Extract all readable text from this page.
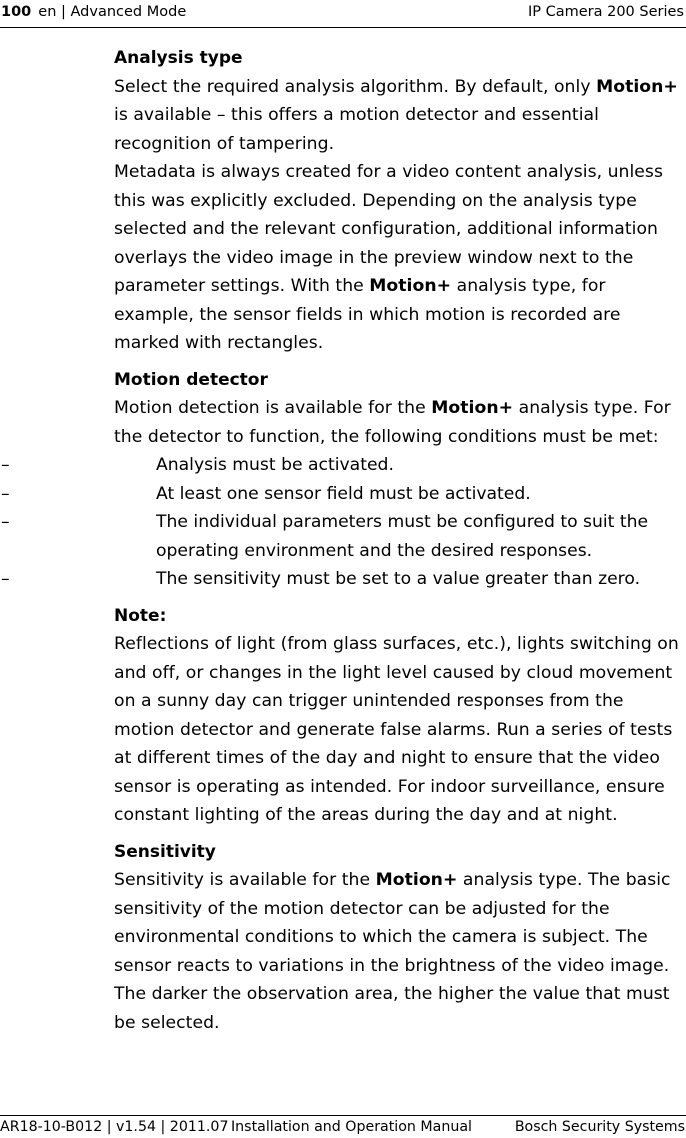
100 en | Advanced Mode	IP Camera 200 Series

Analysis type

Select the required analysis algorithm. By default, only Motion+ is available – this offers a motion detector and essential recognition of tampering.

Metadata is always created for a video content analysis, unless this was explicitly excluded. Depending on the analysis type selected and the relevant configuration, additional information overlays the video image in the preview window next to the parameter settings. With the Motion+ analysis type, for example, the sensor fields in which motion is recorded are marked with rectangles.

Motion detector

Motion detection is available for the Motion+ analysis type. For the detector to function, the following conditions must be met:

–	Analysis must be activated.
–	At least one sensor field must be activated.
–	The individual parameters must be configured to suit the operating environment and the desired responses.
–	The sensitivity must be set to a value greater than zero.

Note:

Reflections of light (from glass surfaces, etc.), lights switching on and off, or changes in the light level caused by cloud movement on a sunny day can trigger unintended responses from the motion detector and generate false alarms. Run a series of tests at different times of the day and night to ensure that the video sensor is operating as intended. For indoor surveillance, ensure constant lighting of the areas during the day and at night.

Sensitivity

Sensitivity is available for the Motion+ analysis type. The basic sensitivity of the motion detector can be adjusted for the environmental conditions to which the camera is subject. The sensor reacts to variations in the brightness of the video image. The darker the observation area, the higher the value that must be selected.

AR18-10-B012 | v1.54 | 2011.07 Installation and Operation Manual	Bosch Security Systems
